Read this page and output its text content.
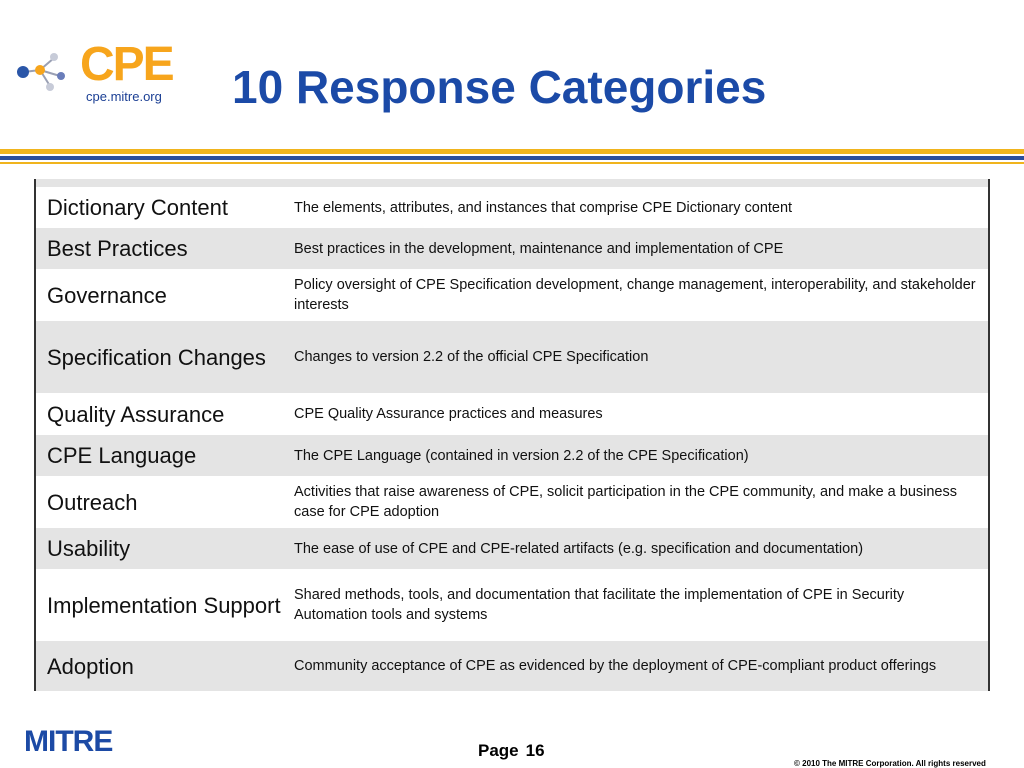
CPE
cpe.mitre.org 10 Response Categories
Dictionary Content	The elements, attributes, and instances that comprise CPE Dictionary content
Best Practices	Best practices in the development, maintenance and implementation of CPE
Governance	Policy oversight of CPE Specification development, change management, interoperability, and stakeholder interests
Specification Changes	Changes to version 2.2 of the official CPE Specification
Quality Assurance	CPE Quality Assurance practices and measures
CPE Language	The CPE Language (contained in version 2.2 of the CPE Specification)
Outreach	Activities that raise awareness of CPE, solicit participation in the CPE community, and make a business case for CPE adoption
Usability	The ease of use of CPE and CPE-related artifacts (e.g. specification and documentation)
Implementation Support	Shared methods, tools, and documentation that facilitate the implementation of CPE in Security Automation tools and systems
Adoption	Community acceptance of CPE as evidenced by the deployment of CPE-compliant product offerings
MITRE	Page 16
© 2010 The MITRE Corporation. All rights reserved
